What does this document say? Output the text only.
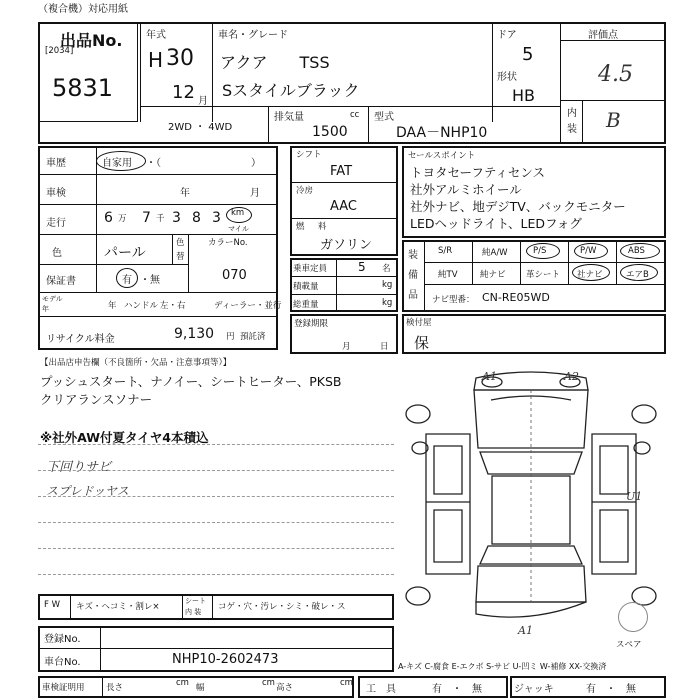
（複合機）対応用紙
出品No.
[2034]
5831
年式
H 30
12 月
車名・グレード
アクア　　TSS
Sスタイルブラック
ドア
5
形状
HB
評価点
4.5
内
装 B
2WD ・ 4WD
排気量	cc
1500
型式
DAA－NHP10
車歴	自家用 ・（　　　　　　　　　）
車検	年	月
走行	6 万 7 千 3 8 3 km
マイル
色	パール
色
替
カラーNo.
保証書	有 ・無	070
モデル
年	年 ハンドル 左・右	ディーラー・並行
リサイクル料金	9,130 円 預託済
シフト
FAT
冷房
AAC
燃 料
ガソリン
乗車定員	5 名
積載量	kg
総重量	kg
登録期限
月	日
セールスポイント
トヨタセーフティセンス
社外アルミホイール
社外ナビ、地デジTV、バックモニター
LEDヘッドライト、LEDフォグ
装
備
品
S/R	純A/W	P/S	P/W	ABS
純TV	純ナビ 革シート 社ナビ	エアB
ナビ型番： CN-RE05WD
検付屋
保
【出品店申告欄（不良箇所・欠品・注意事項等）】
プッシュスタート、ナノイー、シートヒーター、PKSB
クリアランスソナー
※社外AW付夏タイヤ4本積込
下回りサビ
スプレドッヤス
A1	A2
U1
A1
スペア
F W キズ・ヘコミ・割レ×
シート
内 装 コゲ・穴・汚レ・シミ・破レ・ス
A-キズ C-腐食 E-エクボ S-サビ U-凹ミ W-補修 XX-交換済
登録No.
車台No.	NHP10-2602473
車検証明用	長さ	cm 幅	cm 高さ	cm
工　具	有 ・ 無	ジャッキ	有 ・ 無
